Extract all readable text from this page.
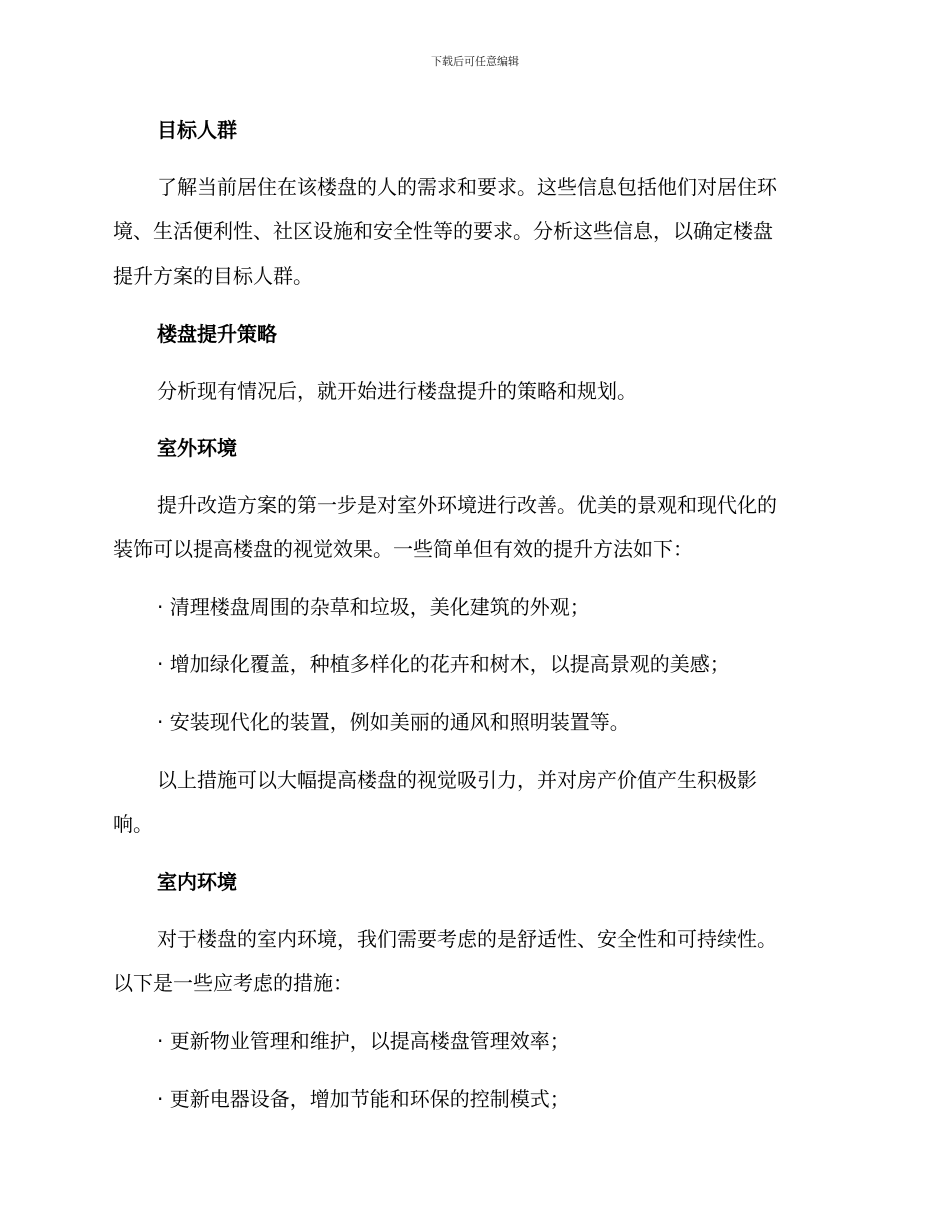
下载后可任意编辑
目标人群
了解当前居住在该楼盘的人的需求和要求。这些信息包括他们对居住环
境、生活便利性、社区设施和安全性等的要求。分析这些信息，以确定楼盘
提升方案的目标人群。
楼盘提升策略
分析现有情况后，就开始进行楼盘提升的策略和规划。
室外环境
提升改造方案的第一步是对室外环境进行改善。优美的景观和现代化的
装饰可以提高楼盘的视觉效果。一些简单但有效的提升方法如下：
· 清理楼盘周围的杂草和垃圾，美化建筑的外观；
· 增加绿化覆盖，种植多样化的花卉和树木，以提高景观的美感；
· 安装现代化的装置，例如美丽的通风和照明装置等。
以上措施可以大幅提高楼盘的视觉吸引力，并对房产价值产生积极影
响。
室内环境
对于楼盘的室内环境，我们需要考虑的是舒适性、安全性和可持续性。
以下是一些应考虑的措施：
· 更新物业管理和维护，以提高楼盘管理效率；
· 更新电器设备，增加节能和环保的控制模式；
